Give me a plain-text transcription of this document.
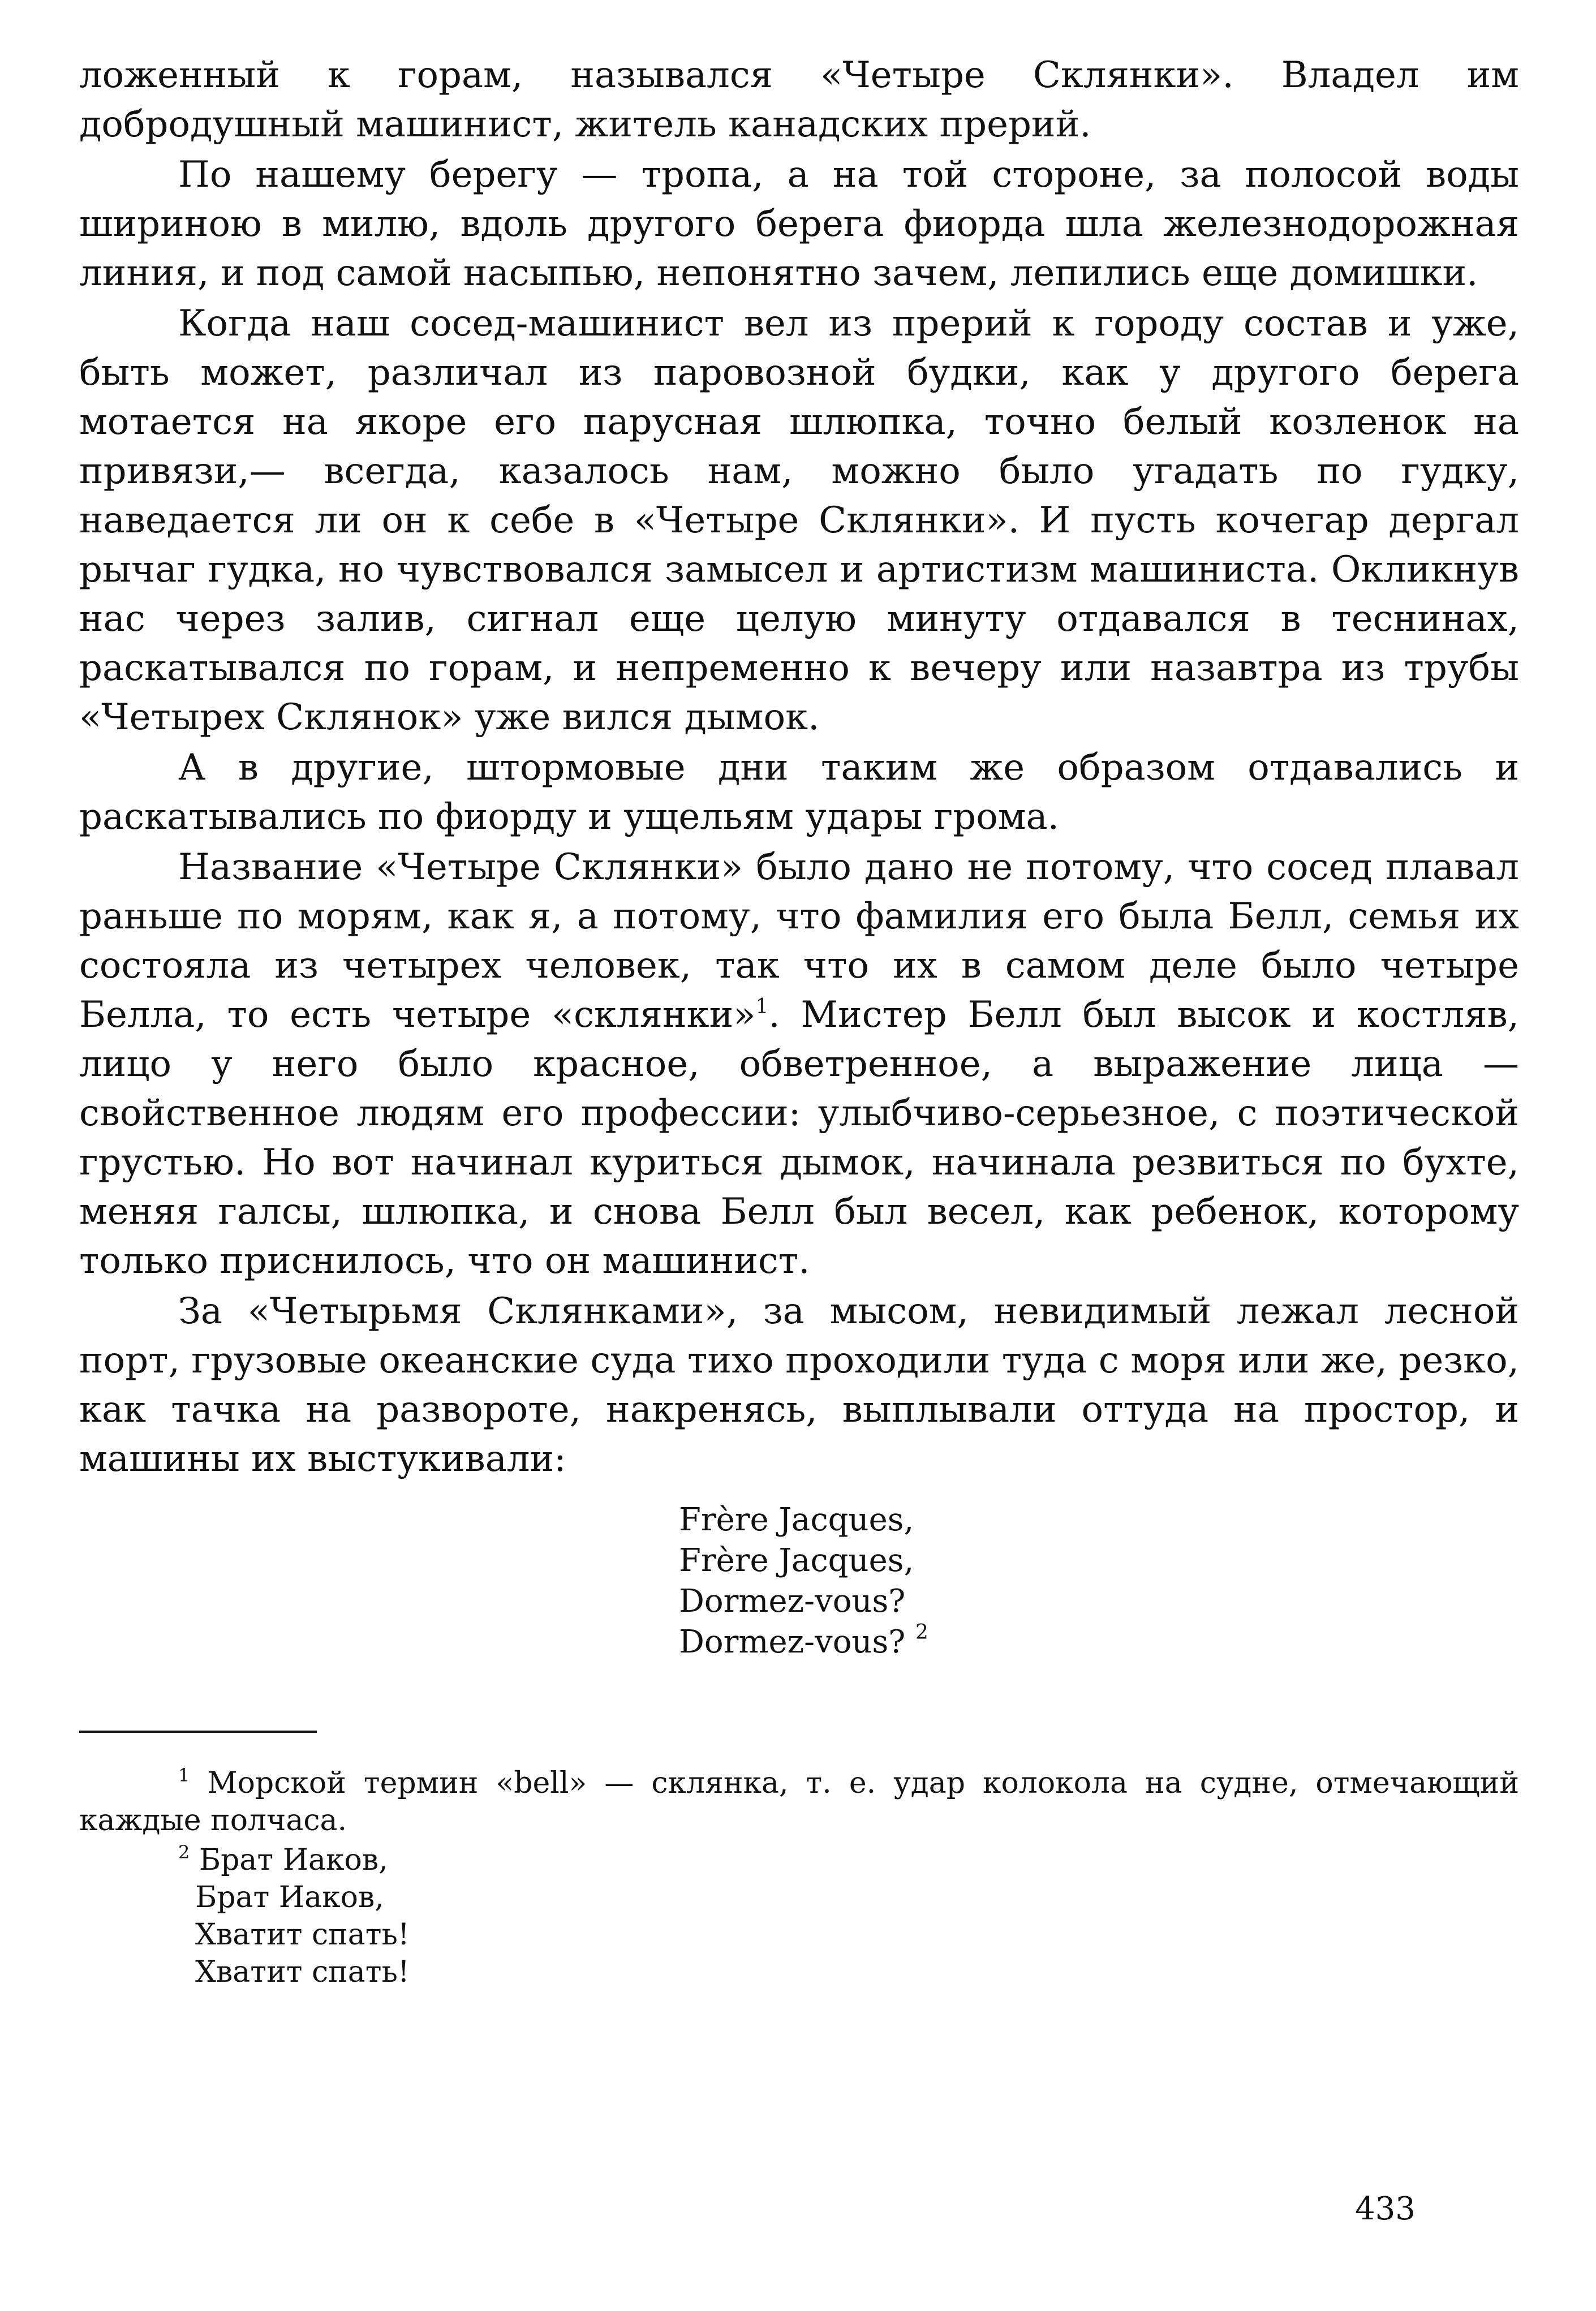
ложенный к горам, назывался «Четыре Склянки». Владел им добродушный машинист, житель канадских прерий.

По нашему берегу — тропа, а на той стороне, за полосой воды шириною в милю, вдоль другого берега фиорда шла железнодорожная линия, и под самой насыпью, непонятно зачем, лепились еще домишки.

Когда наш сосед-машинист вел из прерий к городу состав и уже, быть может, различал из паровозной будки, как у другого берега мотается на якоре его парусная шлюпка, точно белый козленок на привязи,— всегда, казалось нам, можно было угадать по гудку, наведается ли он к себе в «Четыре Склянки». И пусть кочегар дергал рычаг гудка, но чувствовался замысел и артистизм машиниста. Окликнув нас через залив, сигнал еще целую минуту отдавался в теснинах, раскатывался по горам, и непременно к вечеру или назавтра из трубы «Четырех Склянок» уже вился дымок.

А в другие, штормовые дни таким же образом отдавались и раскатывались по фиорду и ущельям удары грома.

Название «Четыре Склянки» было дано не потому, что сосед плавал раньше по морям, как я, а потому, что фамилия его была Белл, семья их состояла из четырех человек, так что их в самом деле было четыре Белла, то есть четыре «склянки»$^1$. Мистер Белл был высок и костляв, лицо у него было красное, обветренное, а выражение лица — свойственное людям его профессии: улыбчиво-серьезное, с поэтической грустью. Но вот начинал куриться дымок, начинала резвиться по бухте, меняя галсы, шлюпка, и снова Белл был весел, как ребенок, которому только приснилось, что он машинист.

За «Четырьмя Склянками», за мысом, невидимый лежал лесной порт, грузовые океанские суда тихо проходили туда с моря или же, резко, как тачка на развороте, накренясь, выплывали оттуда на простор, и машины их выстукивали:

Frère Jacques,
Frère Jacques,
Dormez-vous?
Dormez-vous? $^2$

$^1$ Морской термин «bell» — склянка, т. е. удар колокола на судне, отмечающий каждые полчаса.

$^2$ Брат Иаков,

Брат Иаков,
Хватит спать!
Хватит спать!
433
